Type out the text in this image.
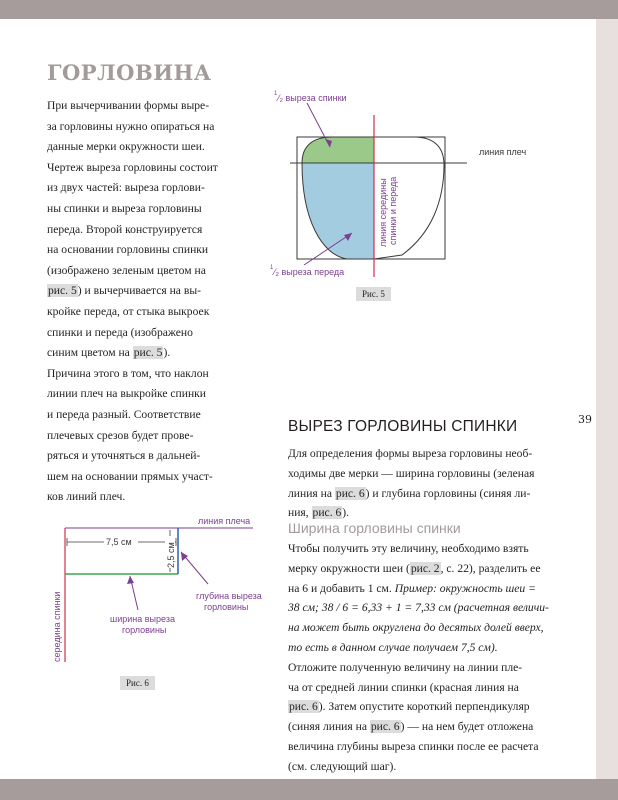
39
ГОРЛОВИНА
При вычерчивании формы выре-
за горловины нужно опираться на
данные мерки окружности шеи.
Чертеж выреза горловины состоит
из двух частей: выреза горлови-
ны спинки и выреза горловины
переда. Второй конструируется
на основании горловины спинки
(изображено зеленым цветом на
рис. 5) и вычерчивается на вы-
кройке переда, от стыка выкроек
спинки и переда (изображено
синим цветом на рис. 5).
Причина этого в том, что наклон
линии плеч на выкройке спинки
и переда разный. Соответствие
плечевых срезов будет прове-
ряться и уточняться в дальней-
шем на основании прямых участ-
ков линий плеч.
1 ⁄₂ выреза спинки
1 ⁄₂ выреза переда
линия плеч
линия середины спинки и переда
Рис. 5
ВЫРЕЗ ГОРЛОВИНЫ СПИНКИ
Для определения формы выреза горловины необ-
ходимы две мерки — ширина горловины (зеленая
линия на рис. 6) и глубина горловины (синяя ли-
ния, рис. 6).
Ширина горловины спинки
Чтобы получить эту величину, необходимо взять
мерку окружности шеи (рис. 2, с. 22), разделить ее
на 6 и добавить 1 см. Пример: окружность шеи =
38 см; 38 / 6 = 6,33 + 1 = 7,33 см (расчетная величи-
на может быть округлена до десятых долей вверх,
то есть в данном случае получаем 7,5 см).
Отложите полученную величину на линии пле-
ча от средней линии спинки (красная линия на
рис. 6). Затем опустите короткий перпендикуляр
(синяя линия на рис. 6) — на нем будет отложена
величина глубины выреза спинки после ее расчета
(см. следующий шаг).
7,5 см
2,5 см
линия плеча
глубина выреза
горловины
ширина выреза
горловины
середина спинки
Рис. 6
